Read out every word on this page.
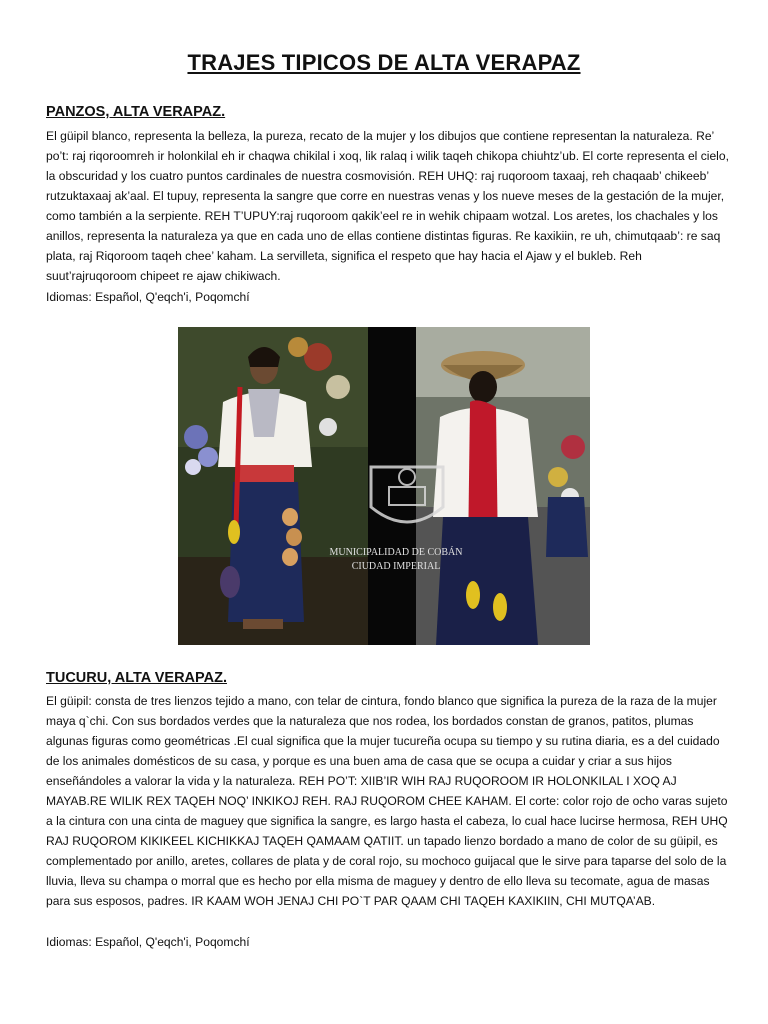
TRAJES TIPICOS DE ALTA VERAPAZ
PANZOS, ALTA VERAPAZ.
El güipil blanco, representa la belleza, la pureza, recato de la mujer y los dibujos que contiene representan la naturaleza. Re’ po’t: raj riqoroomreh ir holonkilal eh ir chaqwa chikilal i xoq, lik ralaq i wilik taqeh chikopa chiuhtz’ub. El corte representa el cielo, la obscuridad y los cuatro puntos cardinales de nuestra cosmovisión. REH UHQ: raj ruqoroom taxaaj, reh chaqaab’ chikeeb’ rutzuktaxaaj ak’aal. El tupuy, representa la sangre que corre en nuestras venas y los nueve meses de la gestación de la mujer, como también a la serpiente. REH T’UPUY:raj ruqoroom qakik’eel re in wehik chipaam wotzal. Los aretes, los chachales y los anillos, representa la naturaleza ya que en cada uno de ellas contiene distintas figuras. Re kaxikiin, re uh, chimutqaab’: re saq plata, raj Riqoroom taqeh chee’ kaham. La servilleta, significa el respeto que hay hacia el Ajaw y el bukleb. Reh suut’rajruqoroom chipeet re ajaw chikiwach.
Idiomas: Español, Q'eqch'i, Poqomchí
MUNICIPALIDAD DE COBÁN
CIUDAD IMPERIAL
TUCURU, ALTA VERAPAZ.
El güipil: consta de tres lienzos tejido a mano, con telar de cintura, fondo blanco que significa la pureza de la raza de la mujer maya q`chi. Con sus bordados verdes que la naturaleza que nos rodea, los bordados constan de granos, patitos, plumas algunas figuras como geométricas .El cual significa que la mujer tucureña ocupa su tiempo y su rutina diaria, es a del cuidado de los animales domésticos de su casa, y porque es una buen ama de casa que se ocupa a cuidar y criar a sus hijos enseñándoles a valorar la vida y la naturaleza. REH PO’T: XIIB’IR WIH RAJ RUQOROOM IR HOLONKILAL I XOQ AJ MAYAB.RE WILIK REX TAQEH NOQ’ INKIKOJ REH. RAJ RUQOROM CHEE KAHAM. El corte: color rojo de ocho varas sujeto a la cintura con una cinta de maguey que significa la sangre, es largo hasta el cabeza, lo cual hace lucirse hermosa, REH UHQ RAJ RUQOROM KIKIKEEL KICHIKKAJ TAQEH QAMAAM QATIIT. un tapado lienzo bordado a mano de color de su güipil, es complementado por anillo, aretes, collares de plata y de coral rojo, su mochoco guijacal que le sirve para taparse del solo de la lluvia, lleva su champa o morral que es hecho por ella misma de maguey y dentro de ello lleva su tecomate, agua de masas para sus esposos, padres. IR KAAM WOH JENAJ CHI PO`T PAR QAAM CHI TAQEH KAXIKIIN, CHI MUTQA’AB.
Idiomas: Español, Q'eqch'i, Poqomchí
